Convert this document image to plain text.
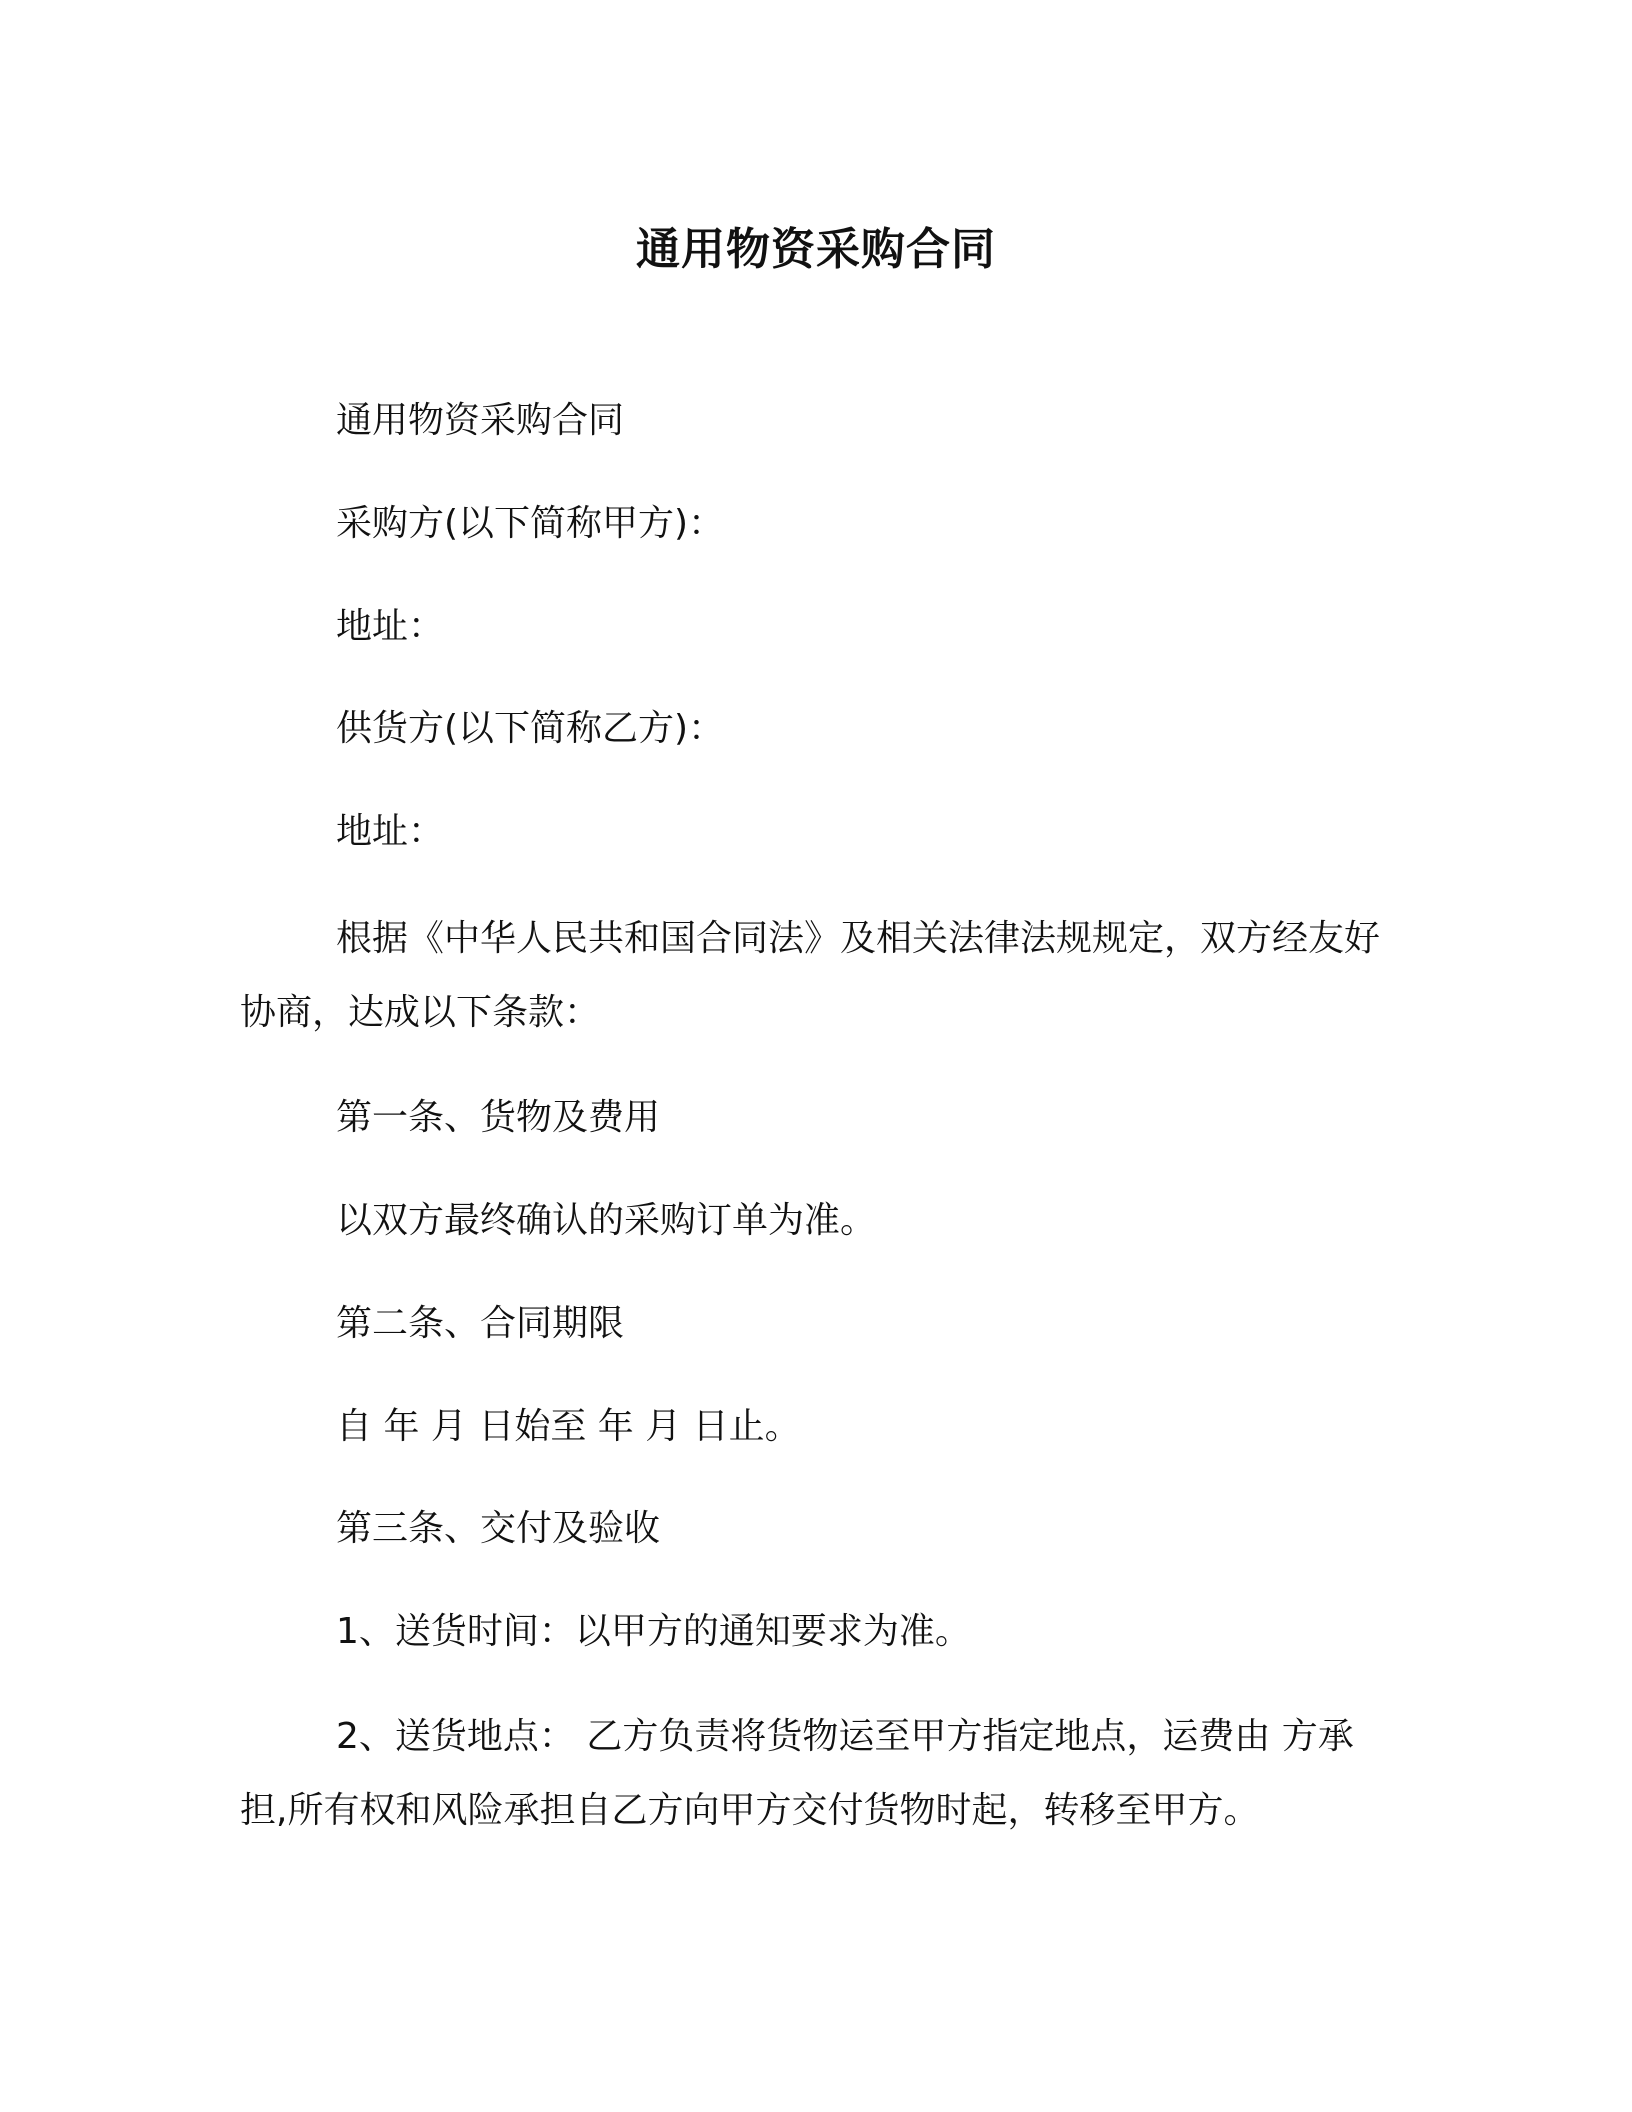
通用物资采购合同

通用物资采购合同

采购方(以下简称甲方)：

地址：

供货方(以下简称乙方)：

地址：

根据《中华人民共和国合同法》及相关法律法规规定，双方经友好协商，达成以下条款：

第一条、货物及费用

以双方最终确认的采购订单为准。

第二条、合同期限

自 年 月 日始至 年 月 日止。

第三条、交付及验收

1、送货时间：以甲方的通知要求为准。

2、送货地点： 乙方负责将货物运至甲方指定地点，运费由 方承担,所有权和风险承担自乙方向甲方交付货物时起，转移至甲方。
